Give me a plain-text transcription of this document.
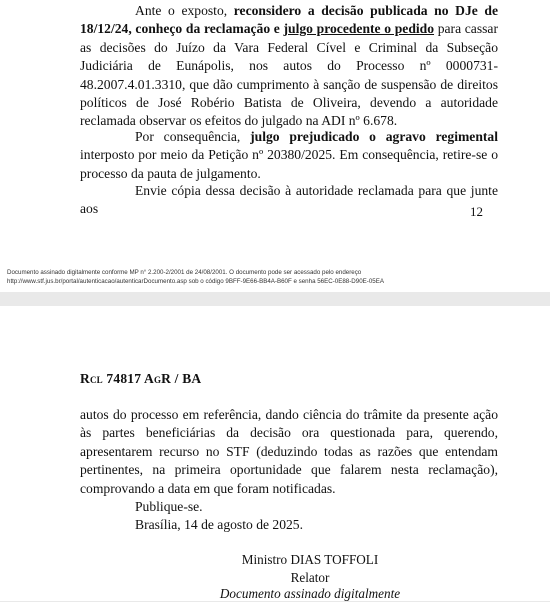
Ante o exposto, reconsidero a decisão publicada no DJe de 18/12/24, conheço da reclamação e julgo procedente o pedido para cassar as decisões do Juízo da Vara Federal Cível e Criminal da Subseção Judiciária de Eunápolis, nos autos do Processo nº 0000731-48.2007.4.01.3310, que dão cumprimento à sanção de suspensão de direitos políticos de José Robério Batista de Oliveira, devendo a autoridade reclamada observar os efeitos do julgado na ADI nº 6.678.

Por consequência, julgo prejudicado o agravo regimental interposto por meio da Petição nº 20380/2025. Em consequência, retire-se o processo da pauta de julgamento.

Envie cópia dessa decisão à autoridade reclamada para que junte aos	12
Documento assinado digitalmente conforme MP n° 2.200-2/2001 de 24/08/2001. O documento pode ser acessado pelo endereço
http://www.stf.jus.br/portal/autenticacao/autenticarDocumento.asp sob o código 9BFF-9E66-BB4A-B60F e senha 56EC-0E88-D90E-05EA
Rcl 74817 AgR / BA

autos do processo em referência, dando ciência do trâmite da presente ação às partes beneficiárias da decisão ora questionada para, querendo, apresentarem recurso no STF (deduzindo todas as razões que entendam pertinentes, na primeira oportunidade que falarem nesta reclamação), comprovando a data em que foram notificadas.

Publique-se.

Brasília, 14 de agosto de 2025.

Ministro DIAS TOFFOLI

Relator

Documento assinado digitalmente
